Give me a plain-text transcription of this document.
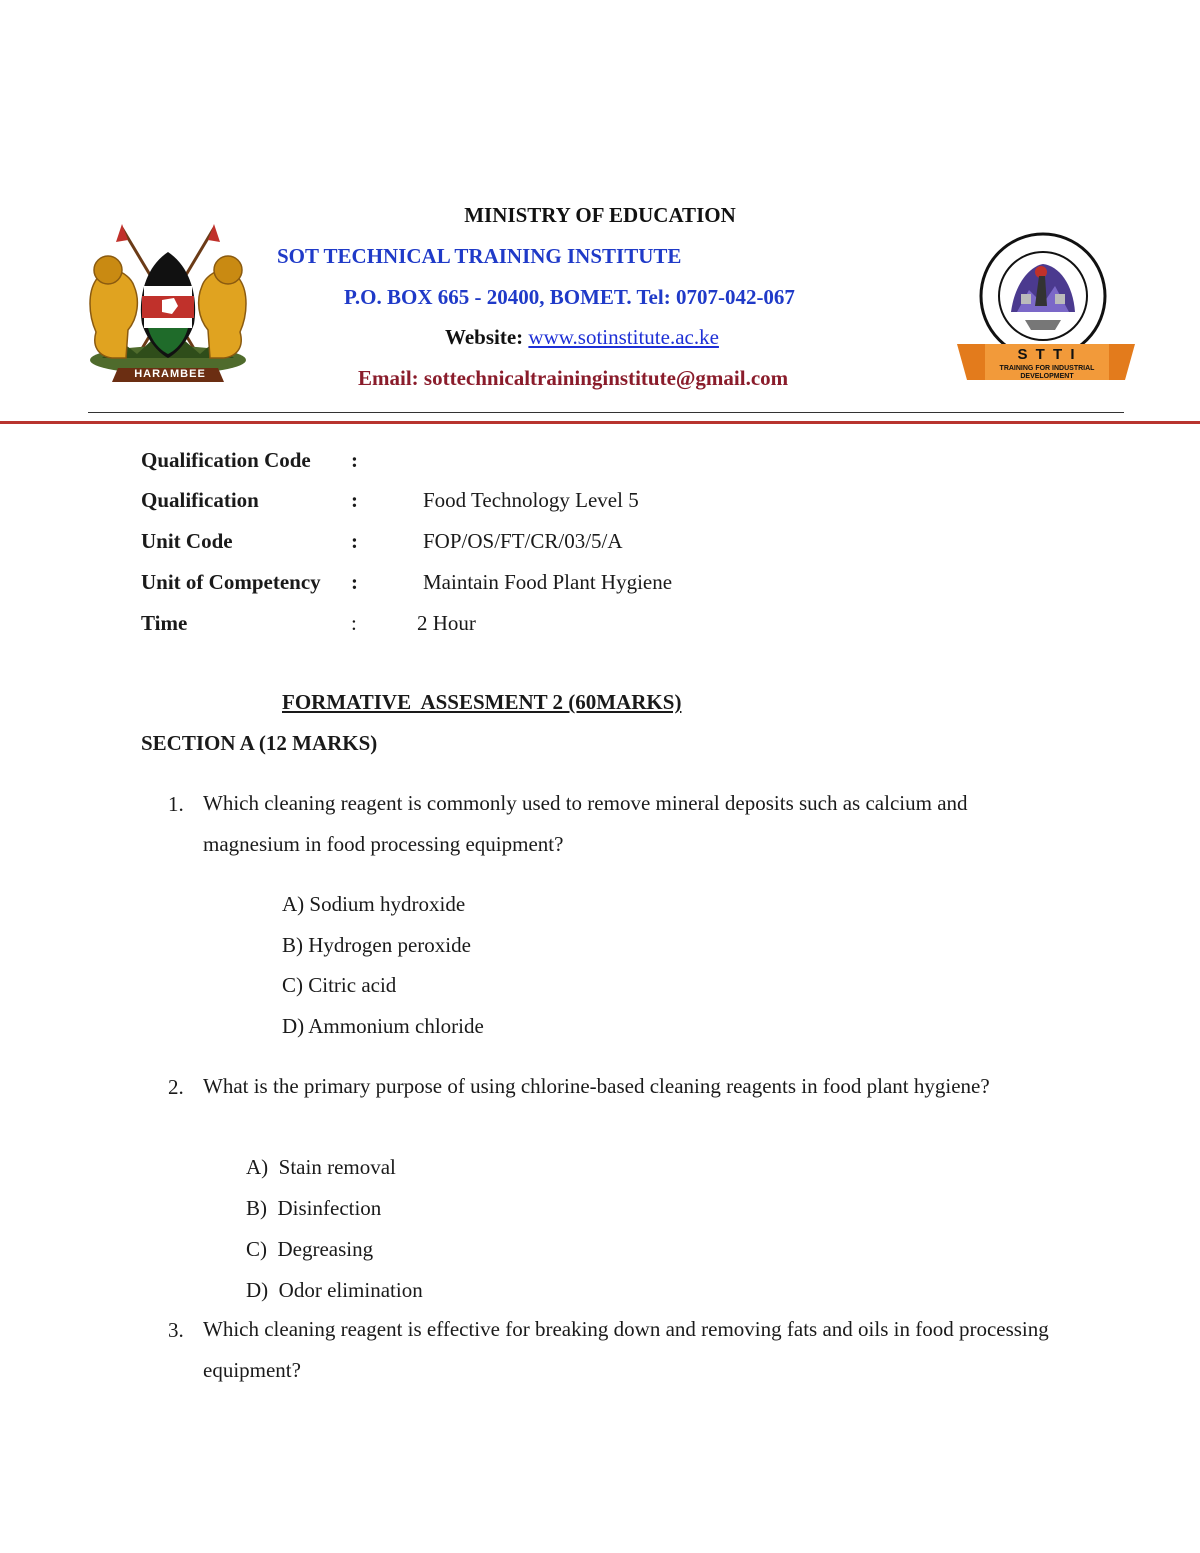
HARAMBEE
S T T I
TRAINING FOR INDUSTRIAL DEVELOPMENT
MINISTRY OF EDUCATION
SOT TECHNICAL TRAINING INSTITUTE
P.O. BOX 665 - 20400, BOMET. Tel: 0707-042-067
Website: www.sotinstitute.ac.ke
Email: sottechnicaltraininginstitute@gmail.com
Qualification Code :
Qualification	:	Food Technology Level 5
Unit Code	:	FOP/OS/FT/CR/03/5/A
Unit of Competency :	Maintain Food Plant Hygiene
Time	:	2 Hour
FORMATIVE  ASSESMENT 2 (60MARKS)
SECTION A (12 MARKS)
1. Which cleaning reagent is commonly used to remove mineral deposits such as calcium and magnesium in food processing equipment?
A) Sodium hydroxide
B) Hydrogen peroxide
C) Citric acid
D) Ammonium chloride
2. What is the primary purpose of using chlorine-based cleaning reagents in food plant hygiene?
A)  Stain removal
B)  Disinfection
C)  Degreasing
D)  Odor elimination
3. Which cleaning reagent is effective for breaking down and removing fats and oils in food processing equipment?
